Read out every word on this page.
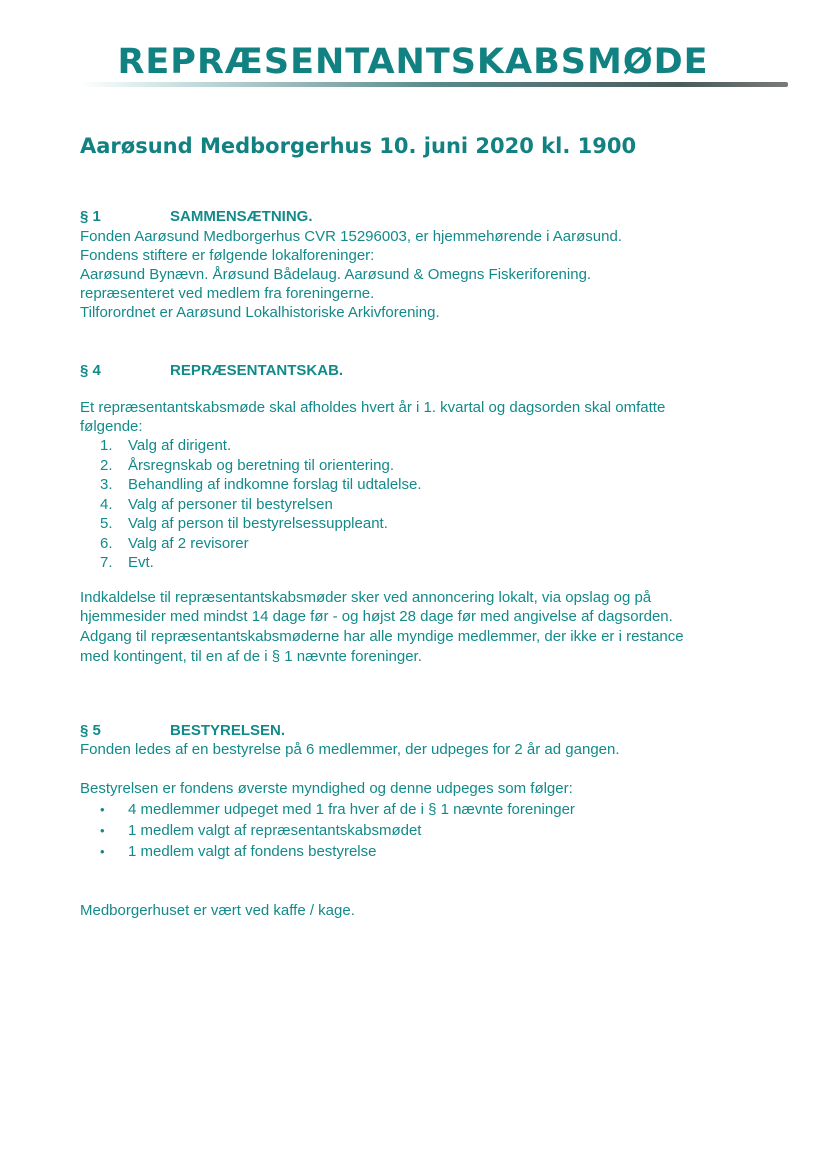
REPRÆSENTANTSKABSMØDE
Aarøsund Medborgerhus 10. juni 2020 kl. 1900
§ 1	SAMMENSÆTNING.
Fonden Aarøsund Medborgerhus CVR 15296003, er hjemmehørende i Aarøsund.
Fondens stiftere er følgende lokalforeninger:
Aarøsund Bynævn. Årøsund Bådelaug. Aarøsund & Omegns Fiskeriforening.
repræsenteret ved medlem fra foreningerne.
Tilforordnet er Aarøsund Lokalhistoriske Arkivforening.
§ 4	REPRÆSENTANTSKAB.
Et repræsentantskabsmøde skal afholdes hvert år i 1. kvartal og dagsorden skal omfatte
følgende:
1. Valg af dirigent.
2. Årsregnskab og beretning til orientering.
3. Behandling af indkomne forslag til udtalelse.
4. Valg af personer til bestyrelsen
5. Valg af person til bestyrelsessuppleant.
6. Valg af 2 revisorer
7. Evt.
Indkaldelse til repræsentantskabsmøder sker ved annoncering lokalt, via opslag og på
hjemmesider med mindst 14 dage før - og højst 28 dage før med angivelse af dagsorden.
Adgang til repræsentantskabsmøderne har alle myndige medlemmer, der ikke er i restance
med kontingent, til en af de i § 1 nævnte foreninger.
§ 5	BESTYRELSEN.
Fonden ledes af en bestyrelse på 6 medlemmer, der udpeges for 2 år ad gangen.
Bestyrelsen er fondens øverste myndighed og denne udpeges som følger:
• 4 medlemmer udpeget med 1 fra hver af de i § 1 nævnte foreninger
• 1 medlem valgt af repræsentantskabsmødet
• 1 medlem valgt af fondens bestyrelse
Medborgerhuset er vært ved kaffe / kage.
